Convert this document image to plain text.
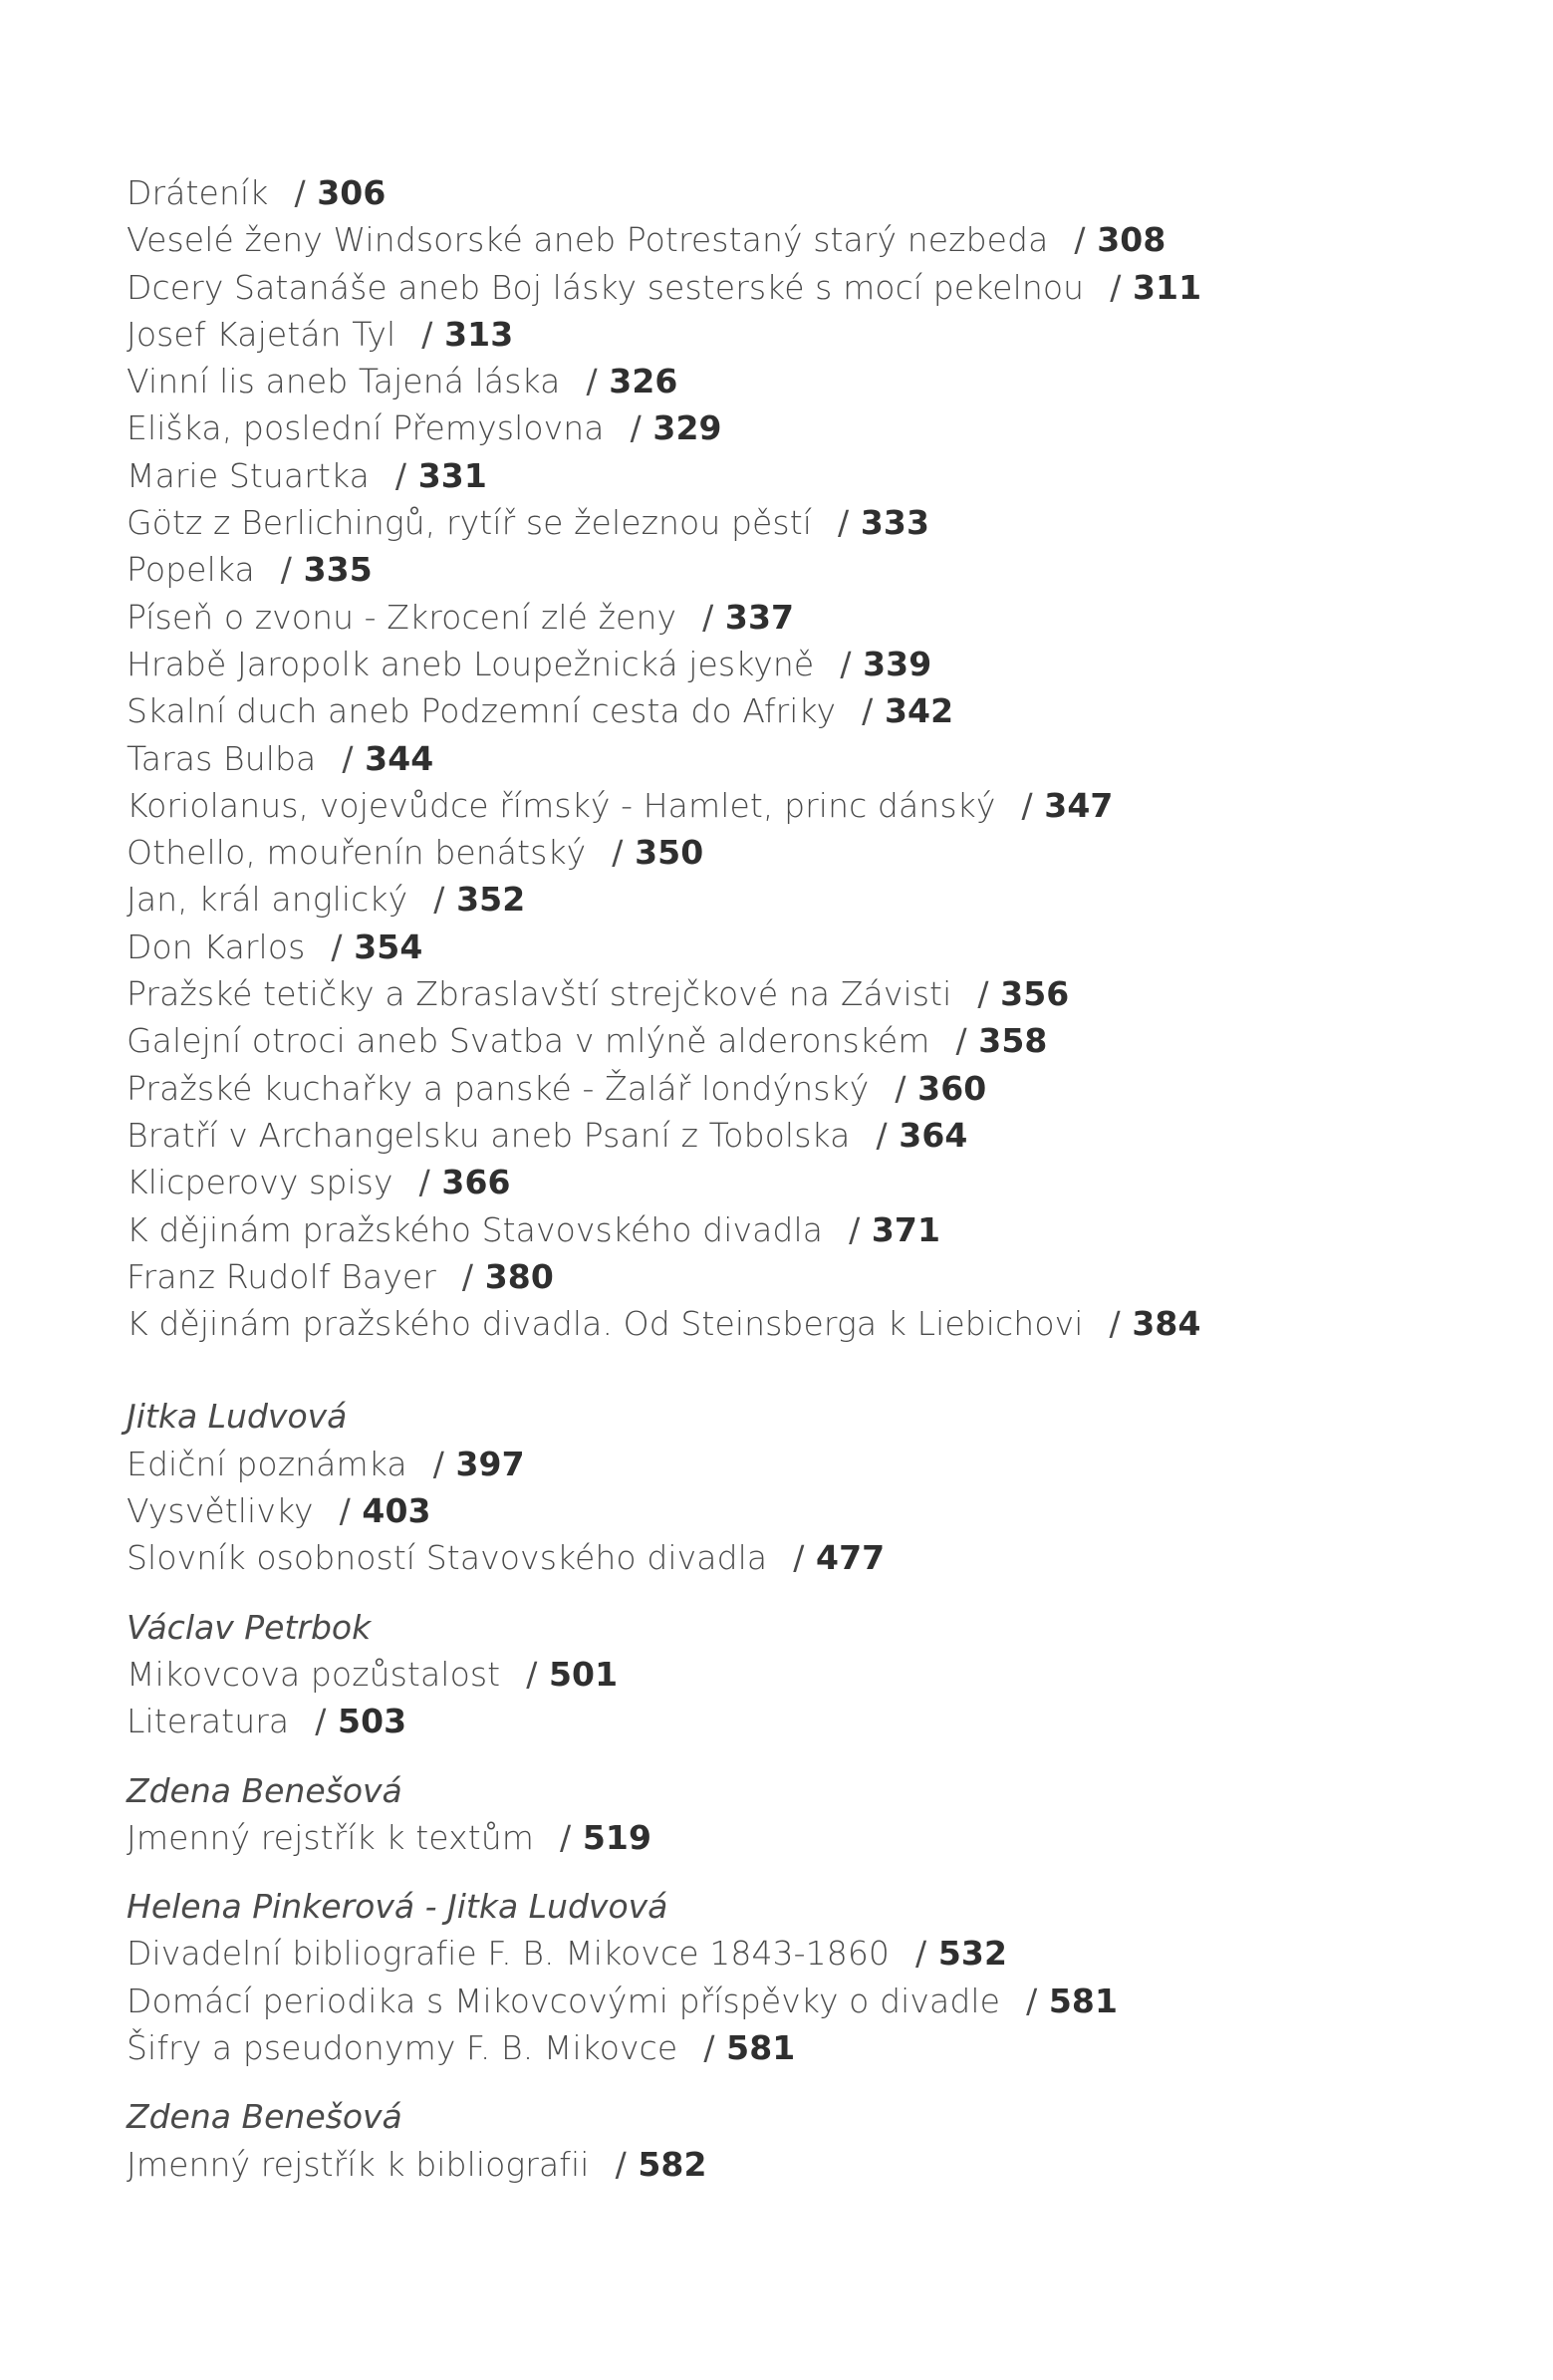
Dráteník / 306
Veselé ženy Windsorské aneb Potrestaný starý nezbeda / 308
Dcery Satanáše aneb Boj lásky sesterské s mocí pekelnou / 311
Josef Kajetán Tyl / 313
Vinní lis aneb Tajená láska / 326
Eliška, poslední Přemyslovna / 329
Marie Stuartka / 331
Götz z Berlichingů, rytíř se železnou pěstí / 333
Popelka / 335
Píseň o zvonu - Zkrocení zlé ženy / 337
Hrabě Jaropolk aneb Loupežnická jeskyně / 339
Skalní duch aneb Podzemní cesta do Afriky / 342
Taras Bulba / 344
Koriolanus, vojevůdce římský - Hamlet, princ dánský / 347
Othello, mouřenín benátský / 350
Jan, král anglický / 352
Don Karlos / 354
Pražské tetičky a Zbraslavští strejčkové na Závisti / 356
Galejní otroci aneb Svatba v mlýně alderonském / 358
Pražské kuchařky a panské - Žalář londýnský / 360
Bratří v Archangelsku aneb Psaní z Tobolska / 364
Klicperovy spisy / 366
K dějinám pražského Stavovského divadla / 371
Franz Rudolf Bayer / 380
K dějinám pražského divadla. Od Steinsberga k Liebichovi / 384
Jitka Ludvová
Ediční poznámka / 397
Vysvětlivky / 403
Slovník osobností Stavovského divadla / 477
Václav Petrbok
Mikovcova pozůstalost / 501
Literatura / 503
Zdena Benešová
Jmenný rejstřík k textům / 519
Helena Pinkerová - Jitka Ludvová
Divadelní bibliografie F. B. Mikovce 1843-1860 / 532
Domácí periodika s Mikovcovými příspěvky o divadle / 581
Šifry a pseudonymy F. B. Mikovce / 581
Zdena Benešová
Jmenný rejstřík k bibliografii / 582
